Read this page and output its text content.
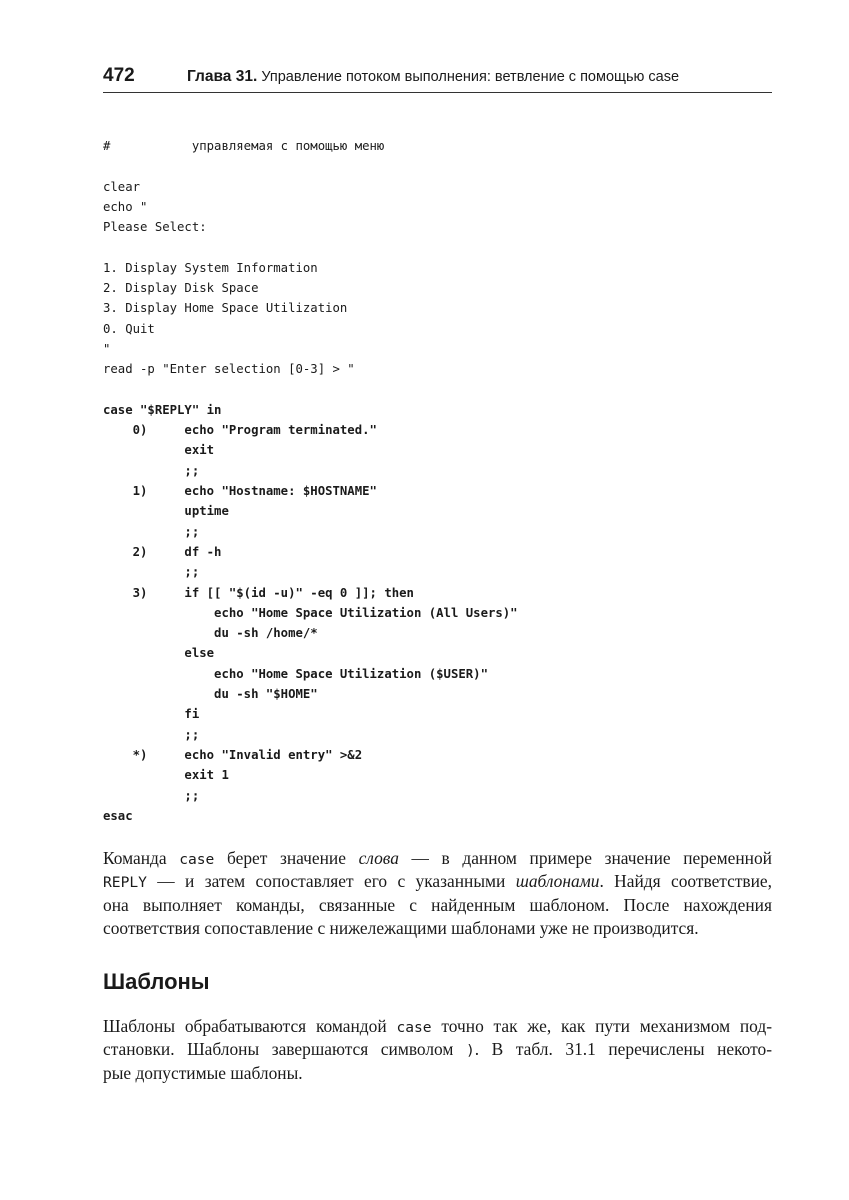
472	Глава 31. Управление потоком выполнения: ветвление с помощью case
#           управляемая с помощью меню
clear
echo "
Please Select:
1. Display System Information
2. Display Disk Space
3. Display Home Space Utilization
0. Quit
"
read -p "Enter selection [0-3] > "
case "$REPLY" in
0)     echo "Program terminated."
exit
;;
1)     echo "Hostname: $HOSTNAME"
uptime
;;
2)     df -h
;;
3)     if [[ "$(id -u)" -eq 0 ]]; then
echo "Home Space Utilization (All Users)"
du -sh /home/*
else
echo "Home Space Utilization ($USER)"
du -sh "$HOME"
fi
;;
*)     echo "Invalid entry" >&2
exit 1
;;
esac
Команда case берет значение слова — в данном примере значение переменной
REPLY — и затем сопоставляет его с указанными шаблонами. Найдя соответствие,
она выполняет команды, связанные с найденным шаблоном. После нахождения
соответствия сопоставление с нижележащими шаблонами уже не производится.
Шаблоны
Шаблоны обрабатываются командой case точно так же, как пути механизмом под-
становки. Шаблоны завершаются символом ). В табл. 31.1 перечислены некото-
рые допустимые шаблоны.
